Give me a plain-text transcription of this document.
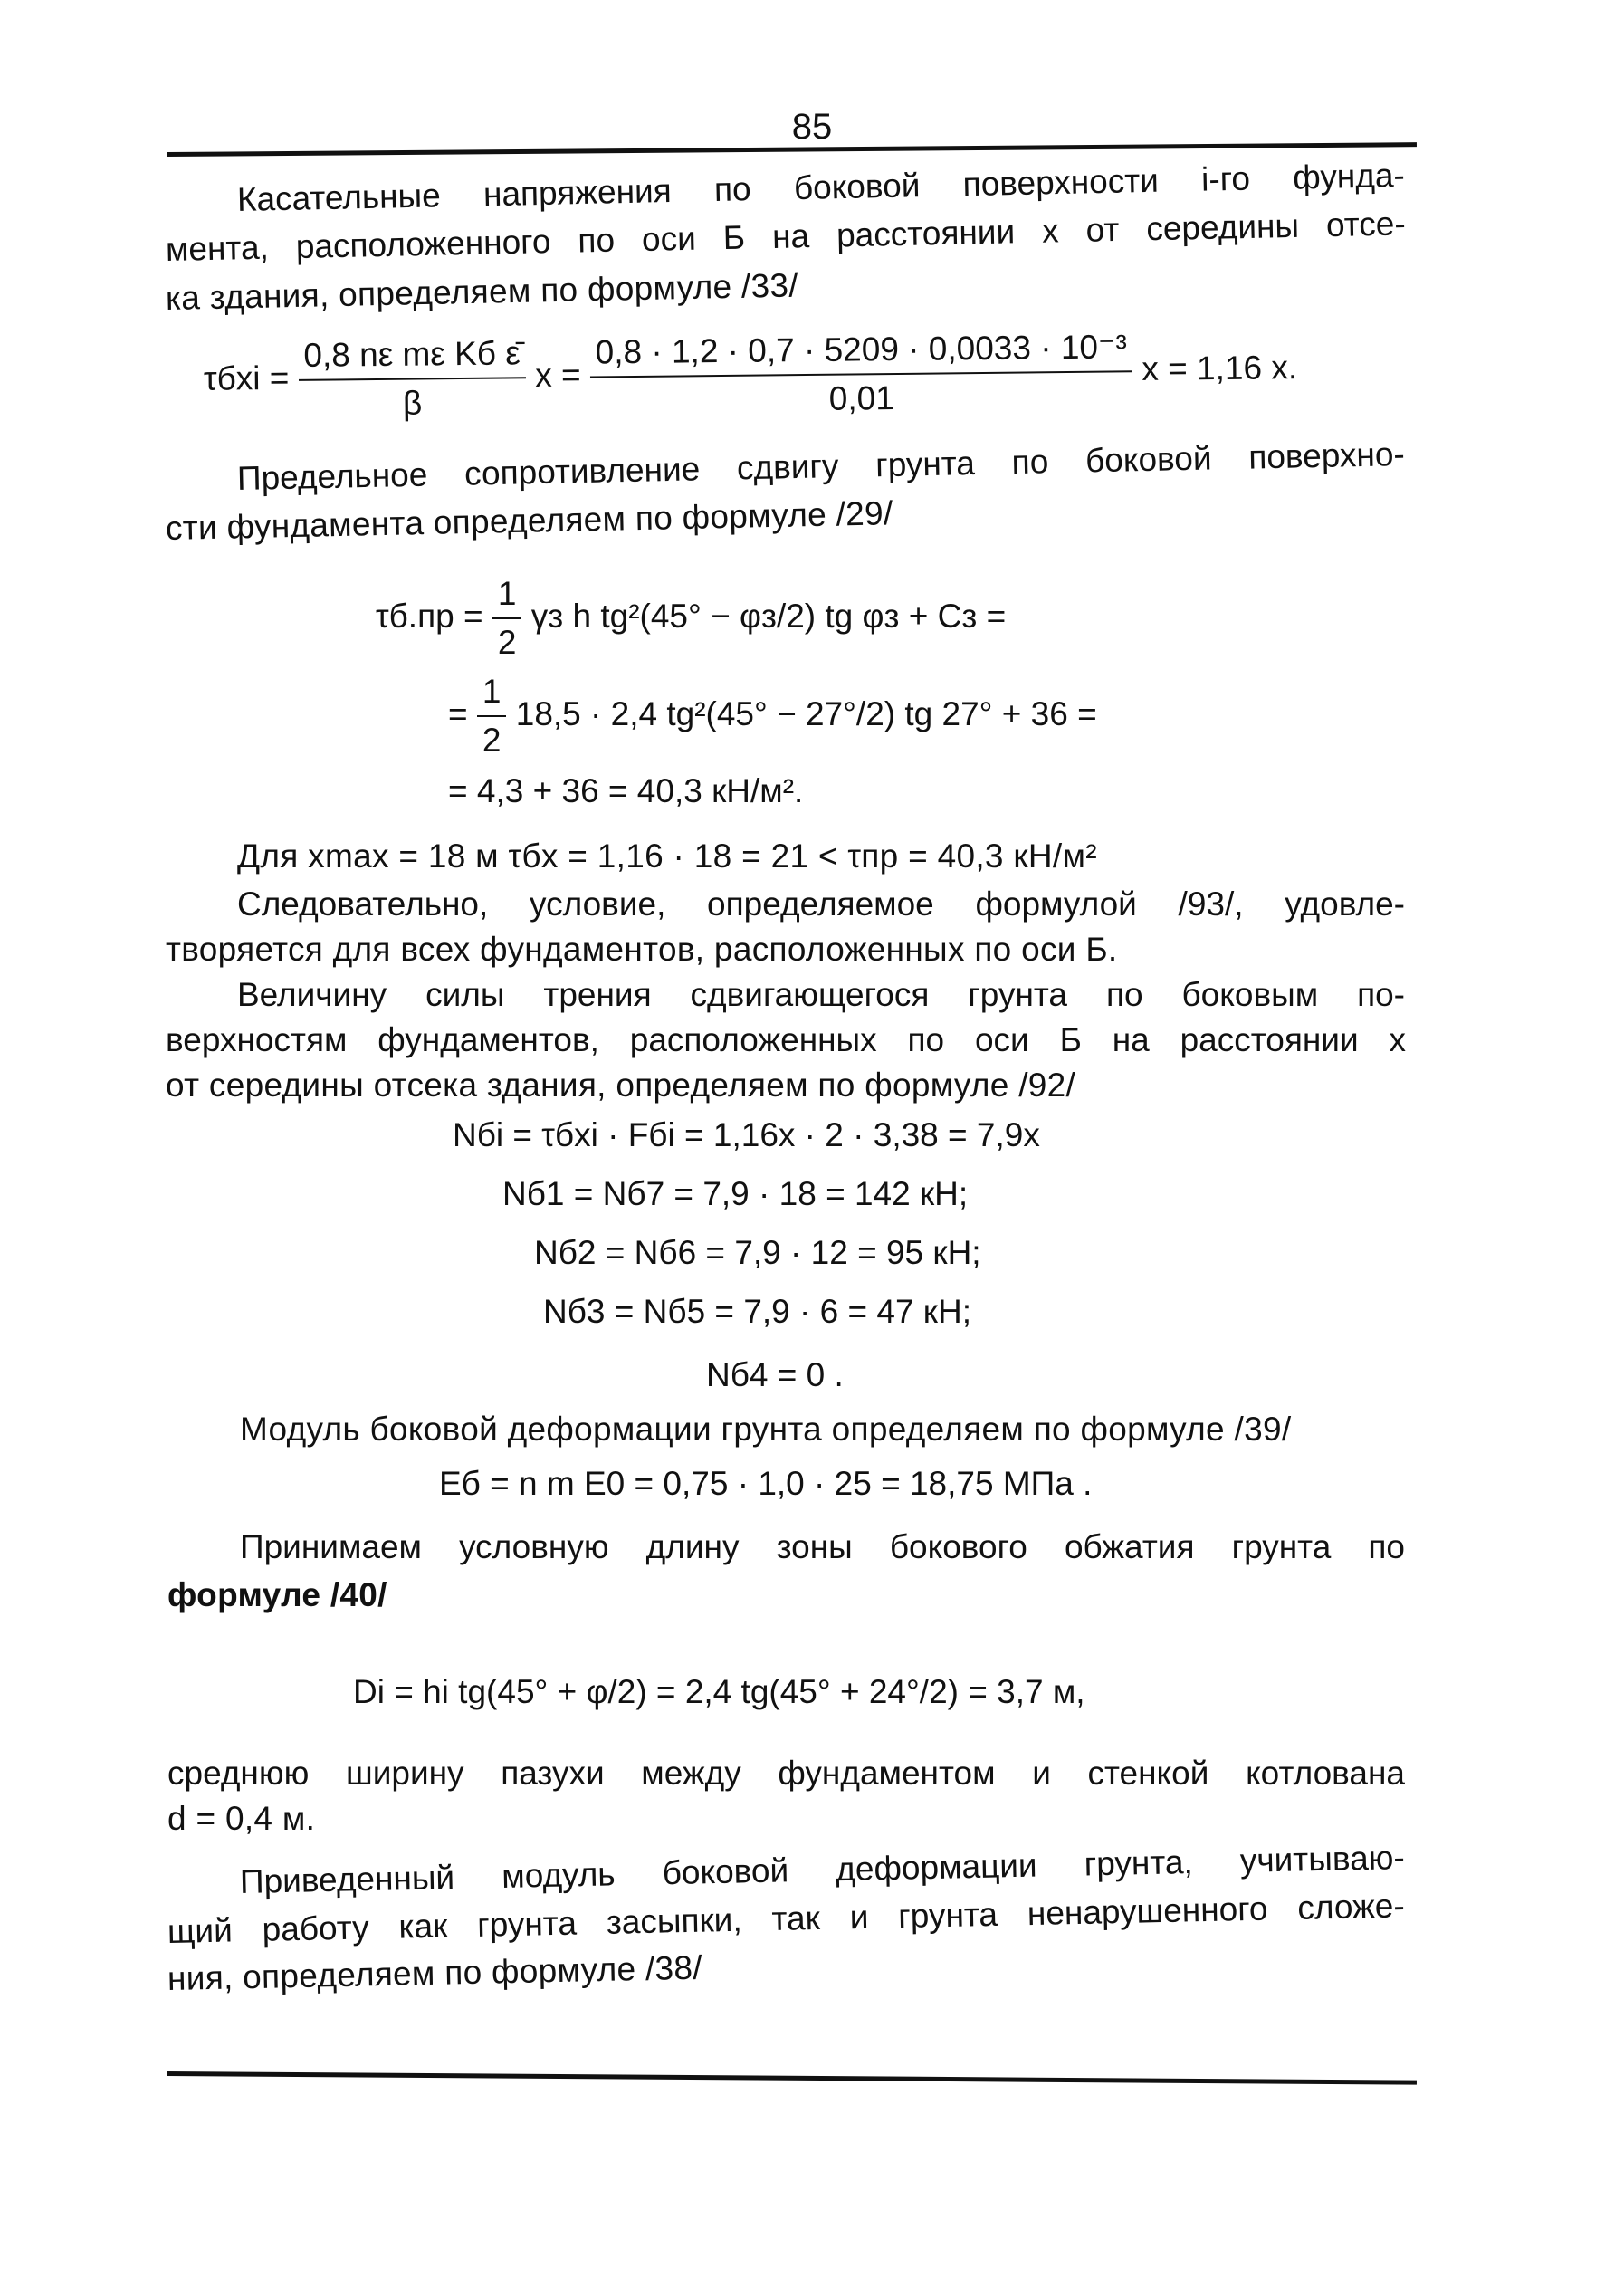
85
Касательные напряжения по боковой поверхности i-го фунда-
мента, расположенного по оси Б на расстоянии x от середины отсе-
ка здания, определяем по формуле /33/
$\tau бxi = \frac{\text{0,8 nε mε Kб ε̄}}{\beta}$ $x = \frac{\text{0,8 · 1,2 · 0,7 · 5209 · 0,0033 · 10⁻³}}{0,01}$ x = 1,16 x.
Предельное сопротивление сдвигу грунта по боковой поверхно-
сти фундамента определяем по формуле /29/
$\tau б.пр = \frac{1}{2}$ γз h tg²(45° − φз/2) tg φз + Cз =
= $\frac{1}{2} 18,5 \cdot 2,4$ tg²(45° − 27°/2) tg 27° + 36 =
= 4,3 + 36 = 40,3 кН/м².
Для xmax = 18 м τбx = 1,16 · 18 = 21 < τпр = 40,3 кН/м²
Следовательно, условие, определяемое формулой /93/, удовле-
творяется для всех фундаментов, расположенных по оси Б.
Величину силы трения сдвигающегося грунта по боковым по-
верхностям фундаментов, расположенных по оси Б на расстоянии x
от середины отсека здания, определяем по формуле /92/
Nбi = τбxi · Fбi = 1,16x · 2 · 3,38 = 7,9x
Nб1 = Nб7 = 7,9 · 18 = 142 кН;
Nб2 = Nб6 = 7,9 · 12 = 95 кН;
Nб3 = Nб5 = 7,9 · 6 = 47 кН;
Nб4 = 0 .
Модуль боковой деформации грунта определяем по формуле /39/
Eб = n m E0 = 0,75 · 1,0 · 25 = 18,75 МПа .
Принимаем условную длину зоны бокового обжатия грунта по
формуле /40/
Di = hi tg(45° + φ/2) = 2,4 tg(45° + 24°/2) = 3,7 м,
среднюю ширину пазухи между фундаментом и стенкой котлована
d = 0,4 м.
Приведенный модуль боковой деформации грунта, учитываю-
щий работу как грунта засыпки, так и грунта ненарушенного сложе-
ния, определяем по формуле /38/
